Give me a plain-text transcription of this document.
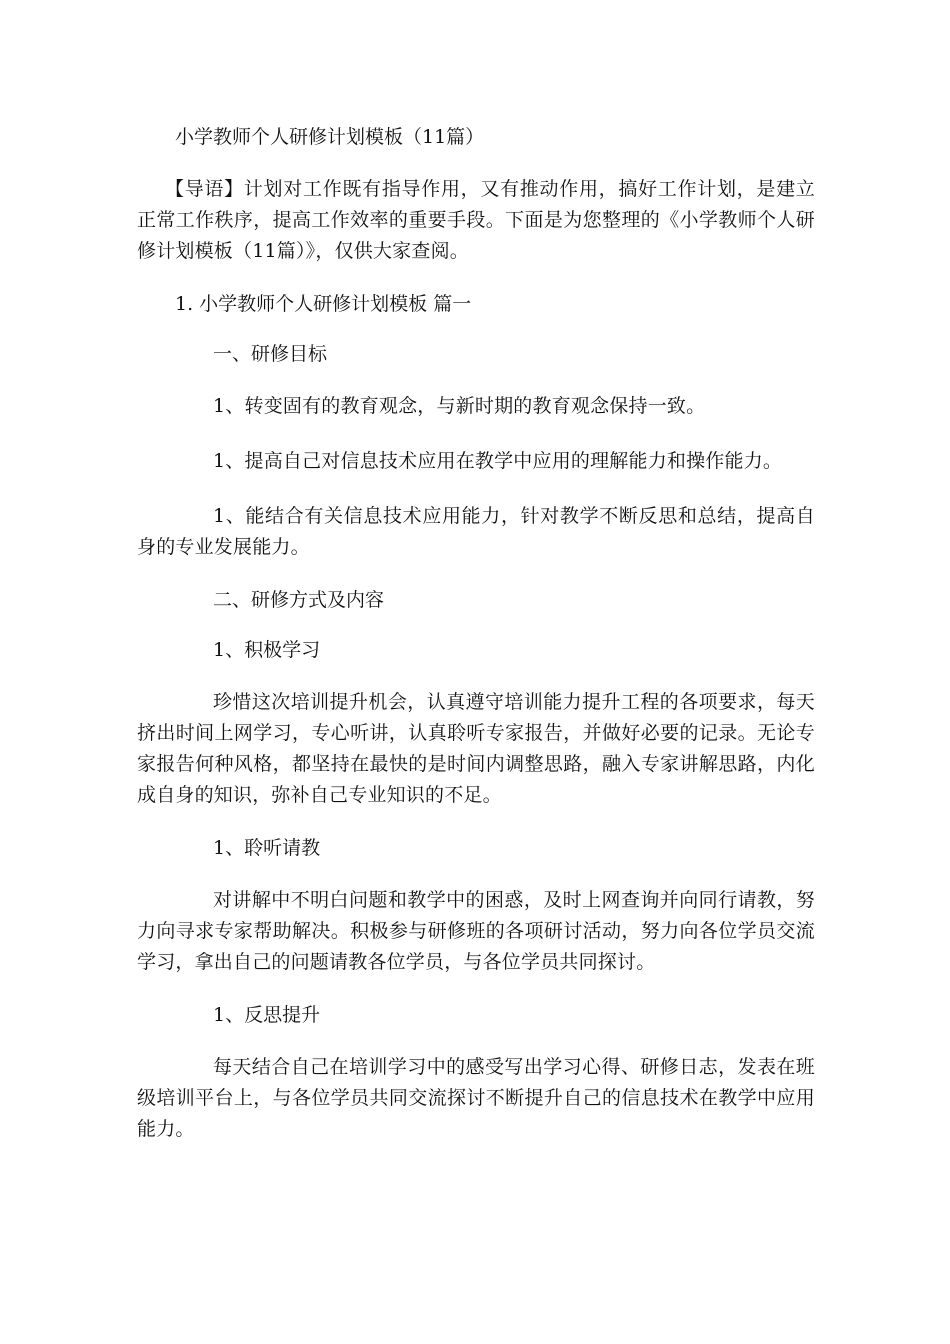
小学教师个人研修计划模板（11篇）

【导语】计划对工作既有指导作用，又有推动作用，搞好工作计划，是建立正常工作秩序，提高工作效率的重要手段。下面是为您整理的《小学教师个人研修计划模板（11篇）》，仅供大家查阅。

1. 小学教师个人研修计划模板 篇一
一、研修目标

1、转变固有的教育观念，与新时期的教育观念保持一致。

1、提高自己对信息技术应用在教学中应用的理解能力和操作能力。

1、能结合有关信息技术应用能力，针对教学不断反思和总结，提高自身的专业发展能力。

二、研修方式及内容
1、积极学习

珍惜这次培训提升机会，认真遵守培训能力提升工程的各项要求，每天挤出时间上网学习，专心听讲，认真聆听专家报告，并做好必要的记录。无论专家报告何种风格，都坚持在最快的是时间内调整思路，融入专家讲解思路，内化成自身的知识，弥补自己专业知识的不足。

1、聆听请教

对讲解中不明白问题和教学中的困惑，及时上网查询并向同行请教，努力向寻求专家帮助解决。积极参与研修班的各项研讨活动，努力向各位学员交流学习，拿出自己的问题请教各位学员，与各位学员共同探讨。

1、反思提升

每天结合自己在培训学习中的感受写出学习心得、研修日志，发表在班级培训平台上，与各位学员共同交流探讨不断提升自己的信息技术在教学中应用能力。
